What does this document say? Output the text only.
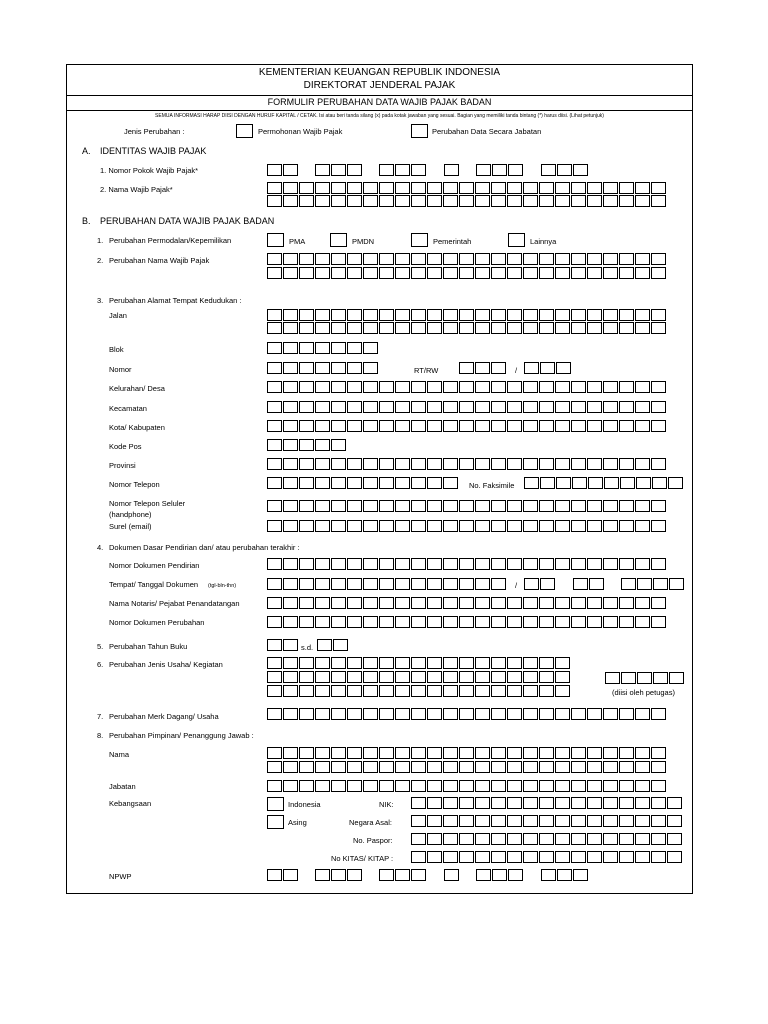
KEMENTERIAN KEUANGAN REPUBLIK INDONESIA
DIREKTORAT JENDERAL PAJAK
FORMULIR PERUBAHAN DATA WAJIB PAJAK BADAN
SEMUA INFORMASI HARAP DIISI DENGAN HURUF KAPITAL / CETAK. Isi atau beri tanda silang (x) pada kotak jawaban yang sesuai. Bagian yang memiliki tanda bintang (*) harus diisi. (Lihat petunjuk)
Jenis Perubahan :	Permohonan Wajib Pajak	Perubahan Data Secara Jabatan
A. IDENTITAS WAJIB PAJAK
1. Nomor Pokok Wajib Pajak*
2. Nama Wajib Pajak*
B. PERUBAHAN DATA WAJIB PAJAK BADAN
1. Perubahan Permodalan/Kepemilikan	PMA	PMDN	Pemerintah	Lainnya
2. Perubahan Nama Wajib Pajak
3. Perubahan Alamat Tempat Kedudukan :
Jalan
Blok
Nomor	RT/RW	/
Kelurahan/ Desa
Kecamatan
Kota/ Kabupaten
Kode Pos
Provinsi
Nomor Telepon	No. Faksimile
Nomor Telepon Seluler
(handphone)
Surel (email)
4. Dokumen Dasar Pendirian dan/ atau perubahan terakhir :
Nomor Dokumen Pendirian
Tempat/ Tanggal Dokumen (tgl-bln-thn)	/
Nama Notaris/ Pejabat Penandatangan
Nomor Dokumen Perubahan
5. Perubahan Tahun Buku	s.d.
6. Perubahan Jenis Usaha/ Kegiatan
(diisi oleh petugas)
7. Perubahan Merk Dagang/ Usaha
8. Perubahan Pimpinan/ Penanggung Jawab :
Nama
Jabatan
Kebangsaan	Indonesia	NIK:
Asing	Negara Asal:
No. Paspor:
No KITAS/ KITAP :
NPWP
